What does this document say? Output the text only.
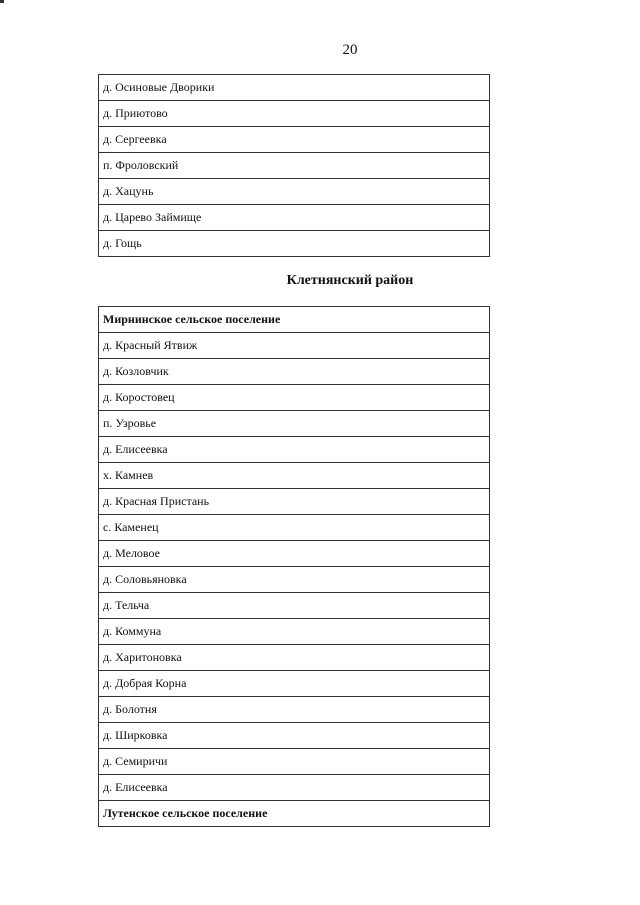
20
д. Осиновые Дворики
д. Приютово
д. Сергеевка
п. Фроловский
д. Хацунь
д. Царево Займище
д. Гощь
Клетнянский район
Мирнинское сельское поселение
д. Красный Ятвиж
д. Козловчик
д. Коростовец
п. Узровье
д. Елисеевка
х. Камнев
д. Красная Пристань
с. Каменец
д. Меловое
д. Соловьяновка
д. Тельча
д. Коммуна
д. Харитоновка
д. Добрая Корна
д. Болотня
д. Ширковка
д. Семиричи
д. Елисеевка
Лутенское сельское поселение
